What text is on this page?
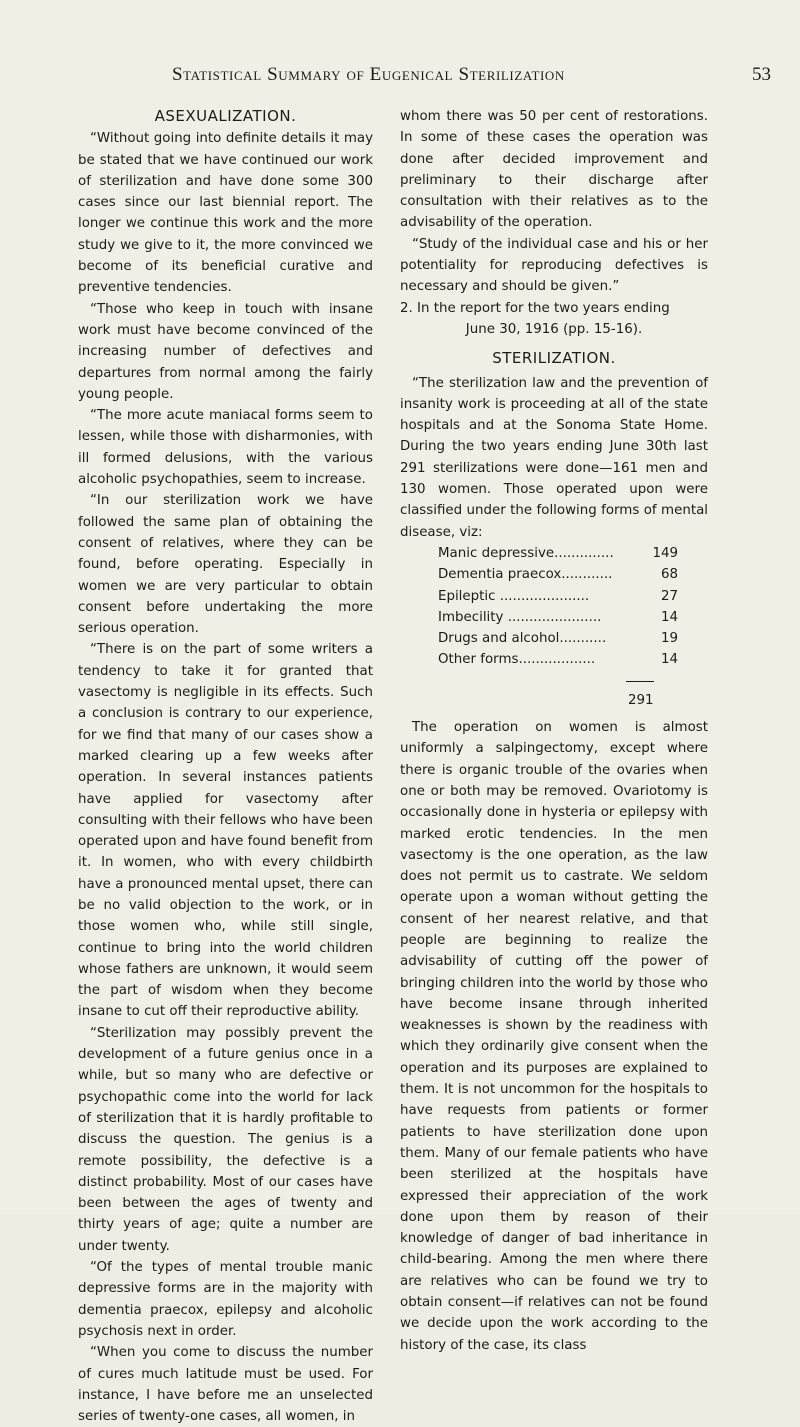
Statistical Summary of Eugenical Sterilization	53
ASEXUALIZATION.

“Without going into definite details it may be stated that we have continued our work of sterilization and have done some 300 cases since our last biennial report. The longer we continue this work and the more study we give to it, the more convinced we become of its beneficial curative and preventive tendencies.

“Those who keep in touch with insane work must have become convinced of the increasing number of defectives and departures from normal among the fairly young people.

“The more acute maniacal forms seem to lessen, while those with disharmonies, with ill formed delusions, with the various alcoholic psychopathies, seem to increase.

“In our sterilization work we have followed the same plan of obtaining the consent of relatives, where they can be found, before operating. Especially in women we are very particular to obtain consent before undertaking the more serious operation.

“There is on the part of some writers a tendency to take it for granted that vasectomy is negligible in its effects. Such a conclusion is contrary to our experience, for we find that many of our cases show a marked clearing up a few weeks after operation. In several instances patients have applied for vasectomy after consulting with their fellows who have been operated upon and have found benefit from it. In women, who with every childbirth have a pronounced mental upset, there can be no valid objection to the work, or in those women who, while still single, continue to bring into the world children whose fathers are unknown, it would seem the part of wisdom when they become insane to cut off their reproductive ability.

“Sterilization may possibly prevent the development of a future genius once in a while, but so many who are defective or psychopathic come into the world for lack of sterilization that it is hardly profitable to discuss the question. The genius is a remote possibility, the defective is a distinct probability. Most of our cases have been between the ages of twenty and thirty years of age; quite a number are under twenty.

“Of the types of mental trouble manic depressive forms are in the majority with dementia praecox, epilepsy and alcoholic psychosis next in order.

“When you come to discuss the number of cures much latitude must be used. For instance, I have before me an unselected series of twenty-one cases, all women, in

whom there was 50 per cent of restorations. In some of these cases the operation was done after decided improvement and preliminary to their discharge after consultation with their relatives as to the advisability of the operation.

“Study of the individual case and his or her potentiality for reproducing defectives is necessary and should be given.”

2. In the report for the two years ending

June 30, 1916 (pp. 15-16).

STERILIZATION.

“The sterilization law and the prevention of insanity work is proceeding at all of the state hospitals and at the Sonoma State Home. During the two years ending June 30th last 291 sterilizations were done—161 men and 130 women. Those operated upon were classified under the following forms of mental disease, viz:

Manic depressive..............	149
Dementia praecox............	68
Epileptic .....................	27
Imbecility ......................	14
Drugs and alcohol...........	19
Other forms..................	14
291

The operation on women is almost uniformly a salpingectomy, except where there is organic trouble of the ovaries when one or both may be removed. Ovariotomy is occasionally done in hysteria or epilepsy with marked erotic tendencies. In the men vasectomy is the one operation, as the law does not permit us to castrate. We seldom operate upon a woman without getting the consent of her nearest relative, and that people are beginning to realize the advisability of cutting off the power of bringing children into the world by those who have become insane through inherited weaknesses is shown by the readiness with which they ordinarily give consent when the operation and its purposes are explained to them. It is not uncommon for the hospitals to have requests from patients or former patients to have sterilization done upon them. Many of our female patients who have been sterilized at the hospitals have expressed their appreciation of the work done upon them by reason of their knowledge of danger of bad inheritance in child-bearing. Among the men where there are relatives who can be found we try to obtain consent—if relatives can not be found we decide upon the work according to the history of the case, its class
